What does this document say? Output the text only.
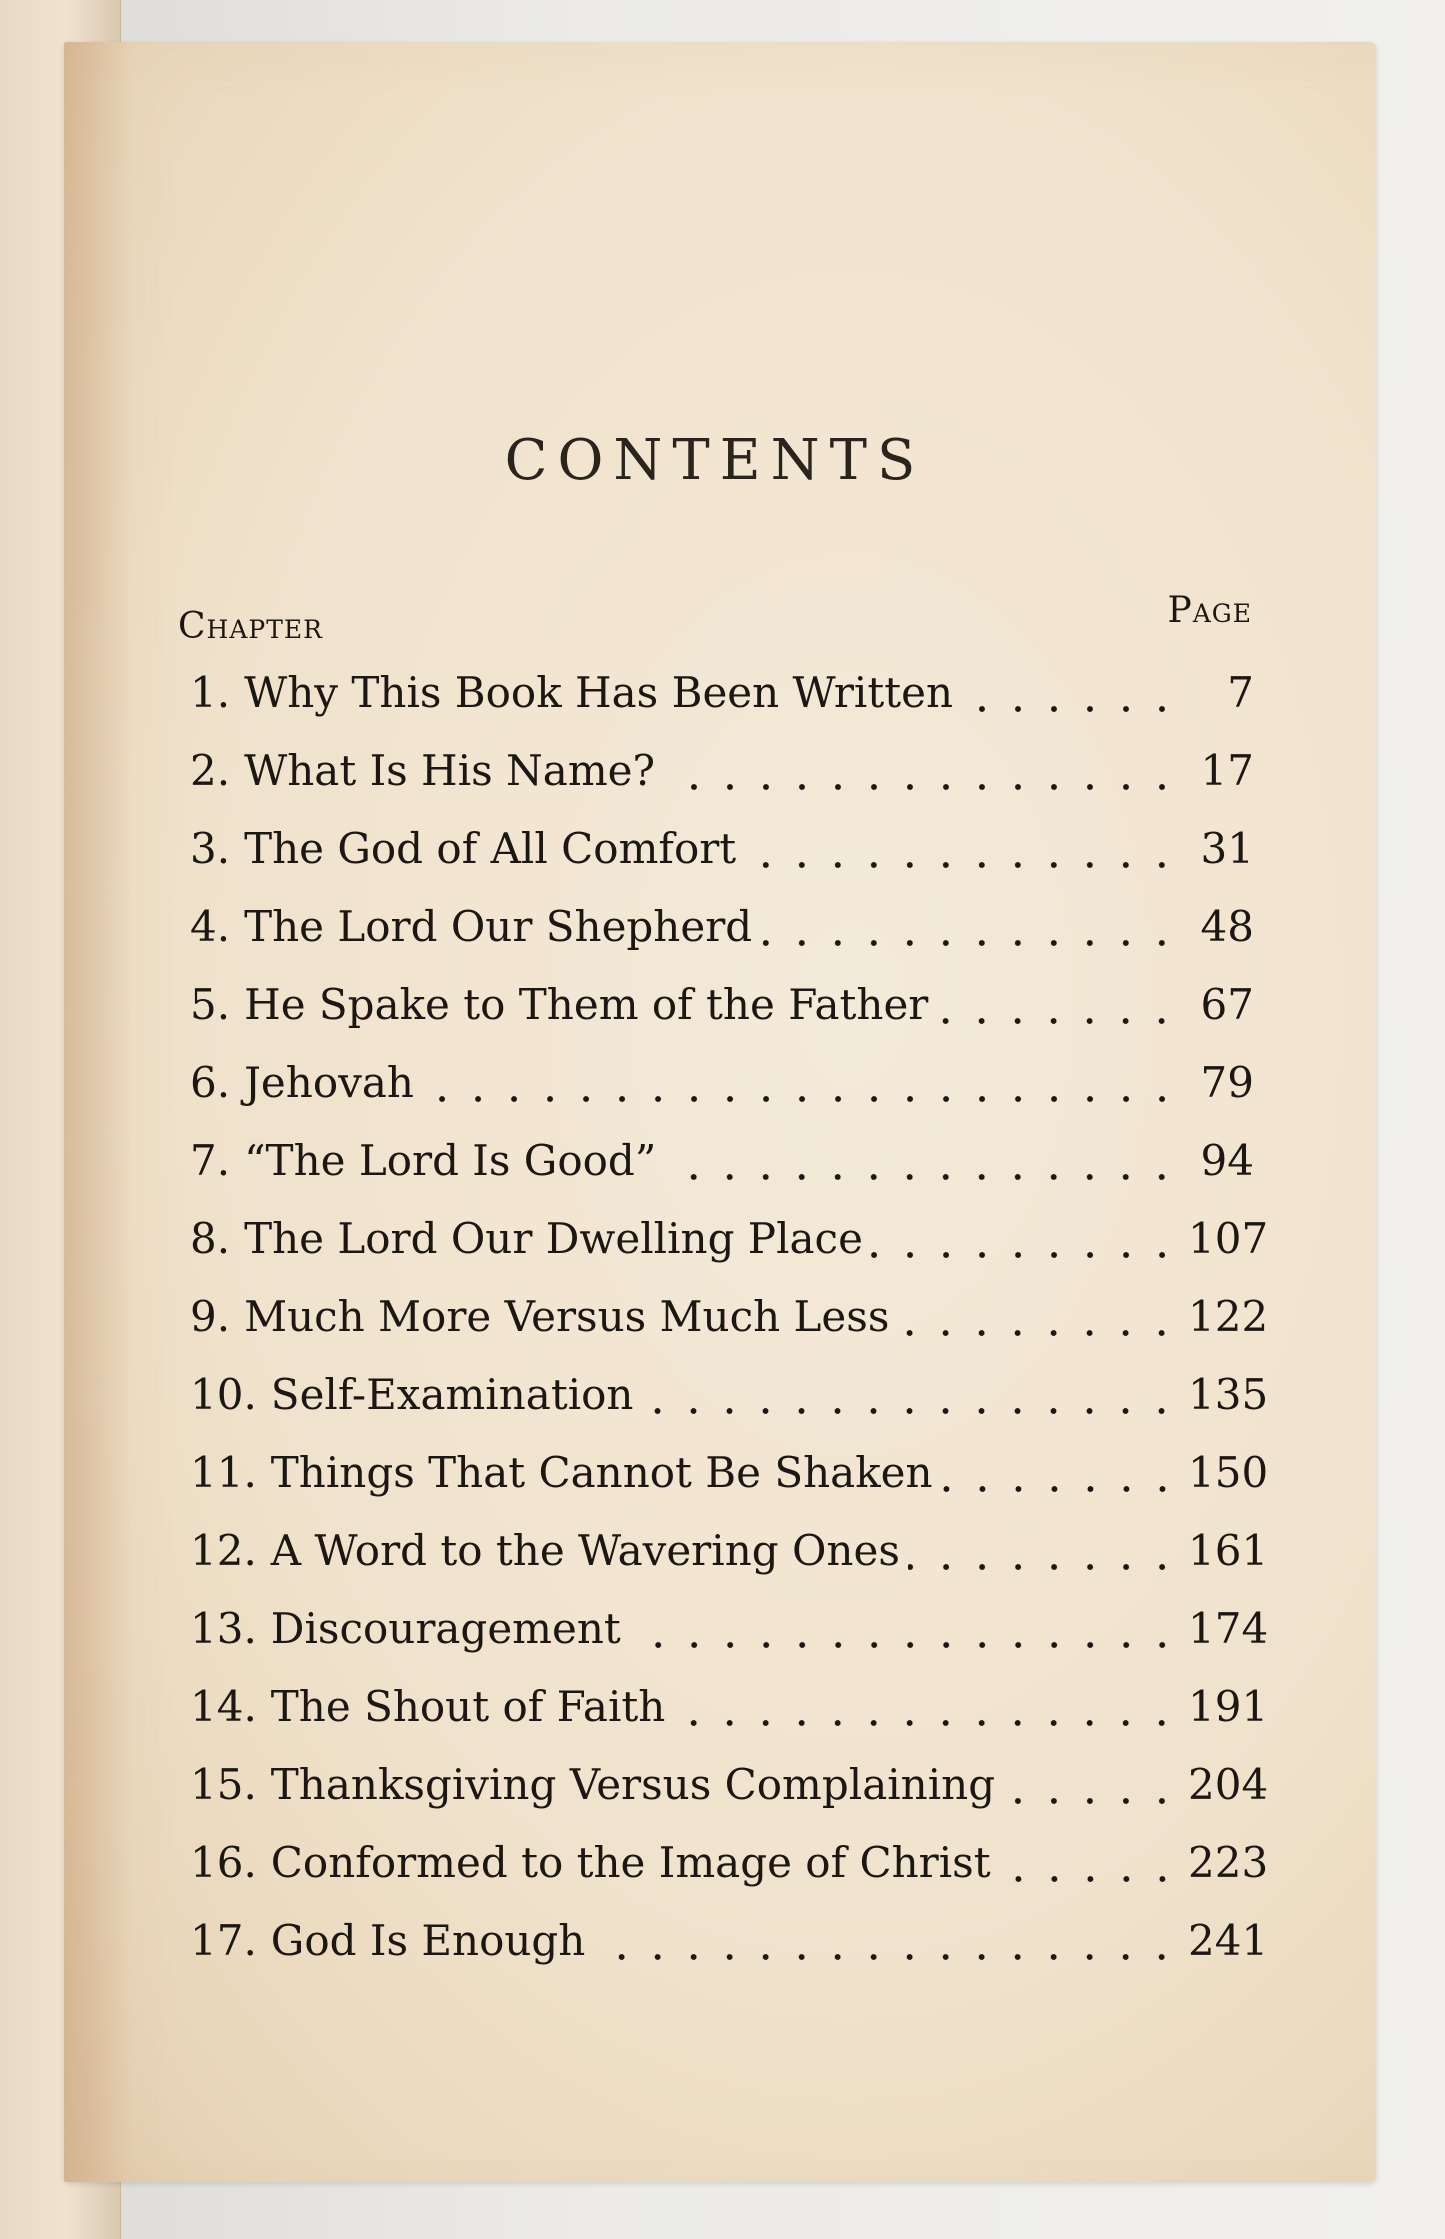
CONTENTS
Chapter	Page
1. Why This Book Has Been Written	7
2. What Is His Name?	17
3. The God of All Comfort	31
4. The Lord Our Shepherd	48
5. He Spake to Them of the Father	67
6. Jehovah	79
7. “The Lord Is Good”	94
8. The Lord Our Dwelling Place	107
9. Much More Versus Much Less	122
10. Self-Examination	135
11. Things That Cannot Be Shaken	150
12. A Word to the Wavering Ones	161
13. Discouragement	174
14. The Shout of Faith	191
15. Thanksgiving Versus Complaining	204
16. Conformed to the Image of Christ	223
17. God Is Enough	241
